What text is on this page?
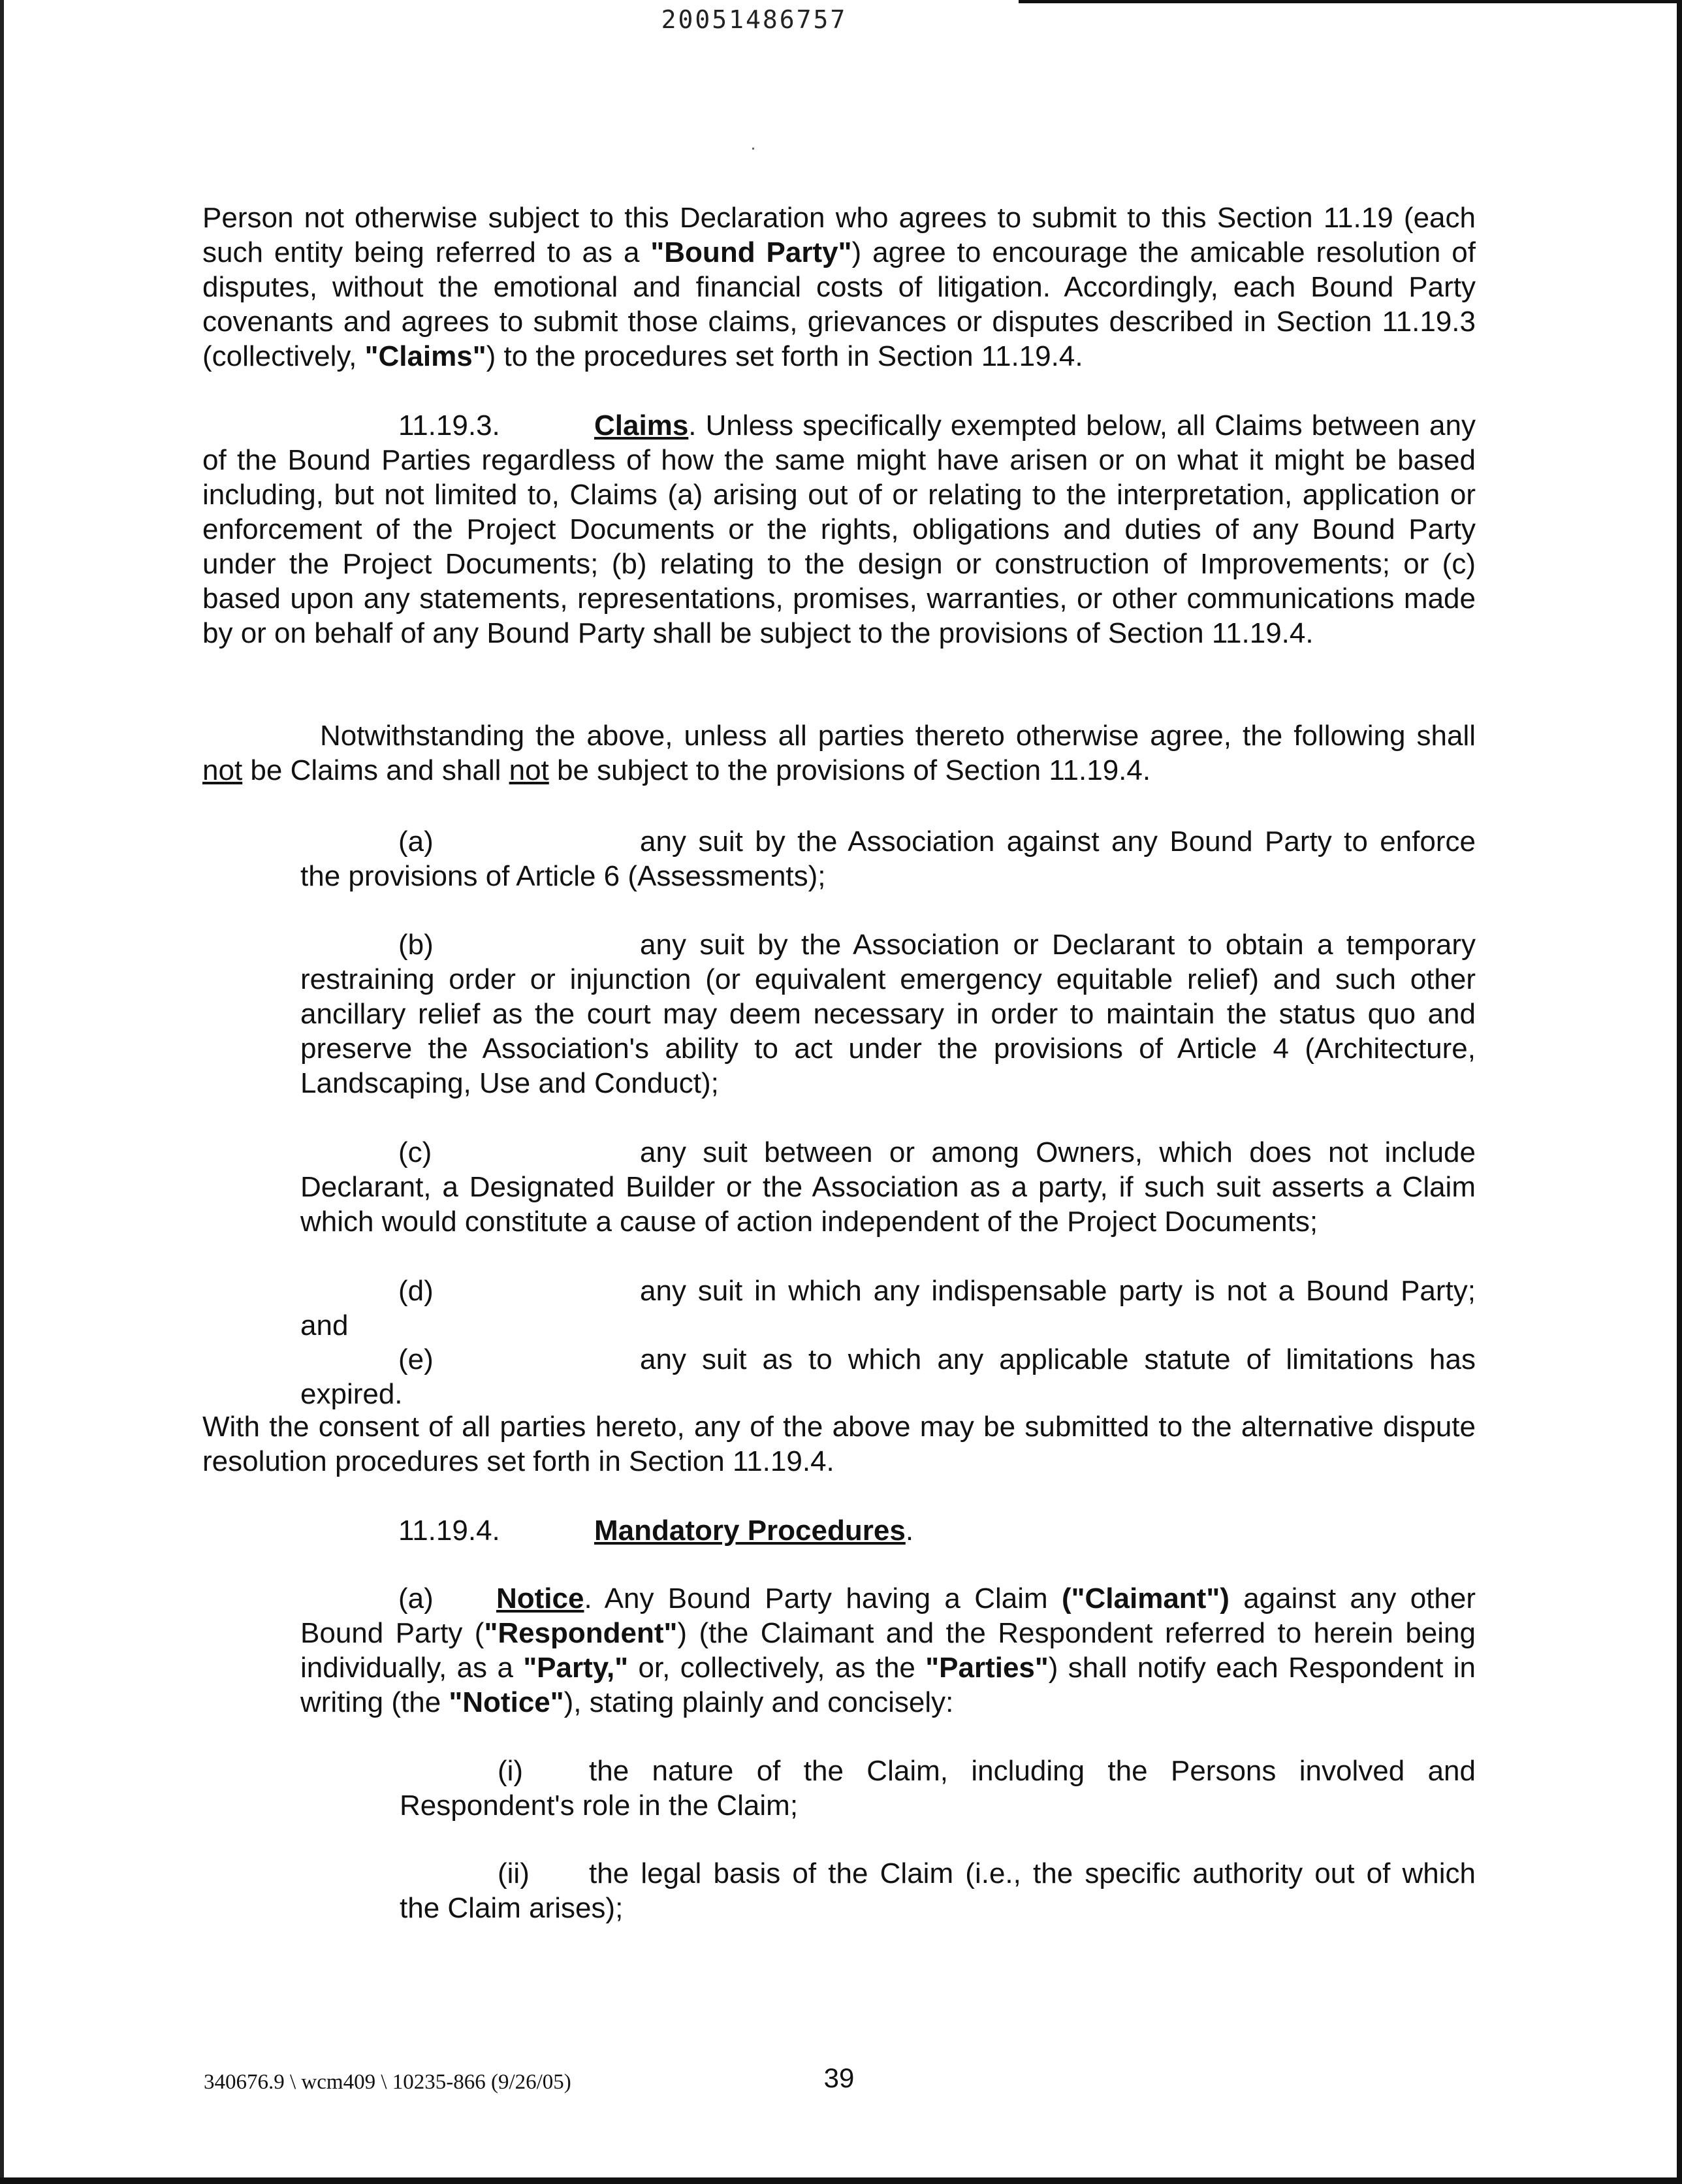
20051486757

Person not otherwise subject to this Declaration who agrees to submit to this Section 11.19 (each such entity being referred to as a "Bound Party") agree to encourage the amicable resolution of disputes, without the emotional and financial costs of litigation. Accordingly, each Bound Party covenants and agrees to submit those claims, grievances or disputes described in Section 11.19.3 (collectively, "Claims") to the procedures set forth in Section 11.19.4.

11.19.3.	Claims. Unless specifically exempted below, all Claims between any of the Bound Parties regardless of how the same might have arisen or on what it might be based including, but not limited to, Claims (a) arising out of or relating to the interpretation, application or enforcement of the Project Documents or the rights, obligations and duties of any Bound Party under the Project Documents; (b) relating to the design or construction of Improvements; or (c) based upon any statements, representations, promises, warranties, or other communications made by or on behalf of any Bound Party shall be subject to the provisions of Section 11.19.4.

Notwithstanding the above, unless all parties thereto otherwise agree, the following shall not be Claims and shall not be subject to the provisions of Section 11.19.4.

(a)	any suit by the Association against any Bound Party to enforce the provisions of Article 6 (Assessments);

(b)	any suit by the Association or Declarant to obtain a temporary restraining order or injunction (or equivalent emergency equitable relief) and such other ancillary relief as the court may deem necessary in order to maintain the status quo and preserve the Association's ability to act under the provisions of Article 4 (Architecture, Landscaping, Use and Conduct);

(c)	any suit between or among Owners, which does not include Declarant, a Designated Builder or the Association as a party, if such suit asserts a Claim which would constitute a cause of action independent of the Project Documents;

(d)	any suit in which any indispensable party is not a Bound Party; and

(e)	any suit as to which any applicable statute of limitations has expired.

With the consent of all parties hereto, any of the above may be submitted to the alternative dispute resolution procedures set forth in Section 11.19.4.

11.19.4.	Mandatory Procedures.

(a) Notice. Any Bound Party having a Claim ("Claimant") against any other Bound Party ("Respondent") (the Claimant and the Respondent referred to herein being individually, as a "Party," or, collectively, as the "Parties") shall notify each Respondent in writing (the "Notice"), stating plainly and concisely:

(i) the nature of the Claim, including the Persons involved and Respondent's role in the Claim;

(ii) the legal basis of the Claim (i.e., the specific authority out of which the Claim arises);

340676.9 \ wcm409 \ 10235-866 (9/26/05)	39
